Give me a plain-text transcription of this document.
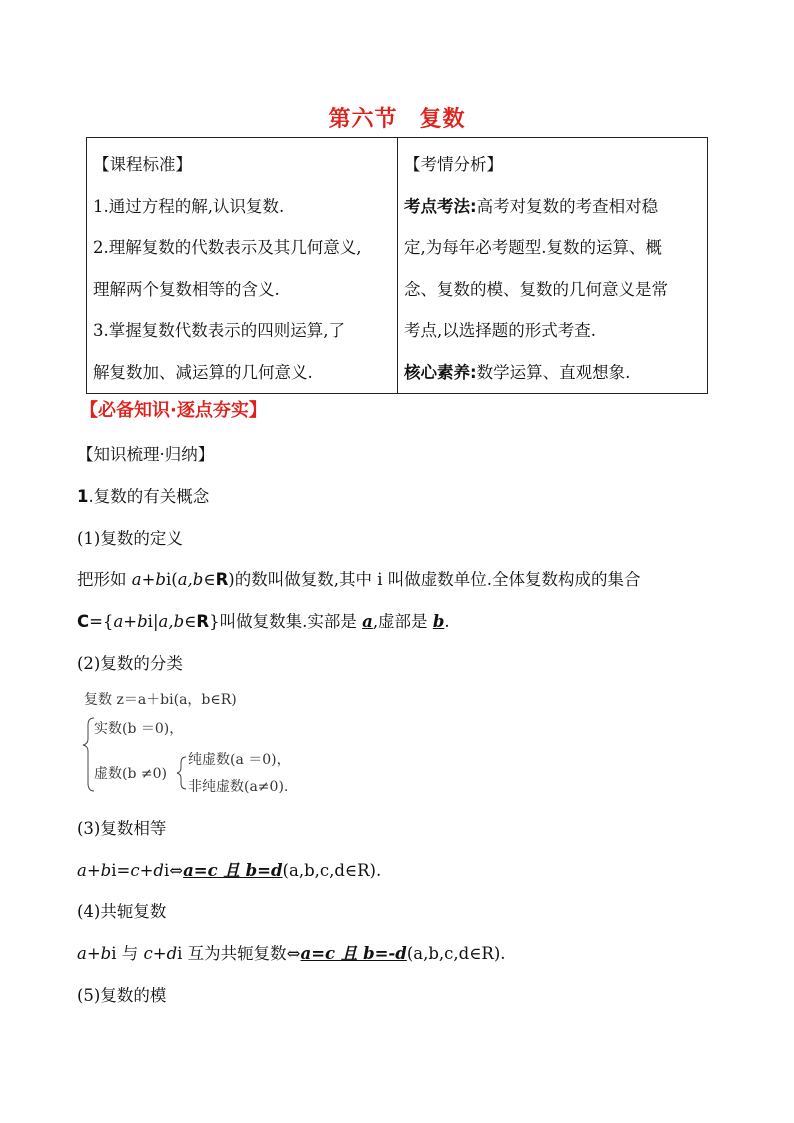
第六节 复数
【课程标准】
1.通过方程的解,认识复数.
2.理解复数的代数表示及其几何意义,
理解两个复数相等的含义.
3.掌握复数代数表示的四则运算,了
解复数加、减运算的几何意义.

【考情分析】
考点考法:高考对复数的考查相对稳
定,为每年必考题型.复数的运算、概
念、复数的模、复数的几何意义是常
考点,以选择题的形式考查.
核心素养:数学运算、直观想象.
【必备知识·逐点夯实】
【知识梳理·归纳】
1.复数的有关概念
(1)复数的定义
把形如 a+bi(a,b∈R)的数叫做复数,其中 i 叫做虚数单位.全体复数构成的集合
C={a+bi|a,b∈R}叫做复数集.实部是 a,虚部是 b.
(2)复数的分类
复数 z＝a＋bi(a，b∈R)
实数(b ＝0)，
虚数(b ≠0)
纯虚数(a ＝0)，
非纯虚数(a≠0).
(3)复数相等
a+bi=c+di⇔a=c 且 b=d(a,b,c,d∈R).
(4)共轭复数
a+bi 与 c+di 互为共轭复数⇔a=c 且 b=-d(a,b,c,d∈R).
(5)复数的模
